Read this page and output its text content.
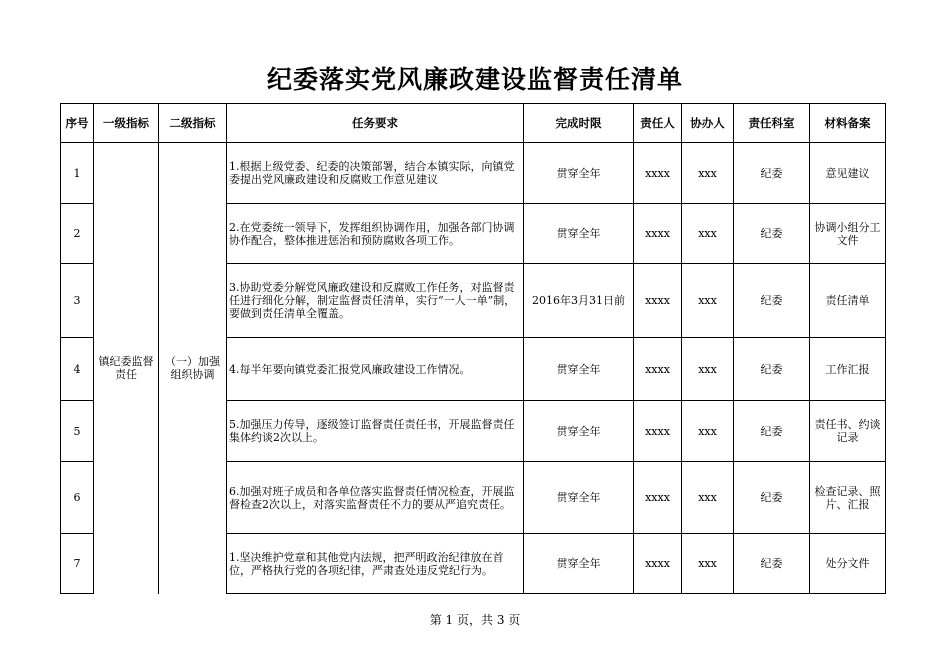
纪委落实党风廉政建设监督责任清单
序号	一级指标	二级指标	任务要求	完成时限	责任人	协办人	责任科室	材料备案
1	镇纪委监督责任	（一）加强组织协调	1.根据上级党委、纪委的决策部署，结合本镇实际，向镇党委提出党风廉政建设和反腐败工作意见建议	贯穿全年	xxxx	xxx	纪委	意见建议
2			2.在党委统一领导下，发挥组织协调作用，加强各部门协调协作配合，整体推进惩治和预防腐败各项工作。	贯穿全年	xxxx	xxx	纪委	协调小组分工文件
3			3.协助党委分解党风廉政建设和反腐败工作任务，对监督责任进行细化分解，制定监督责任清单，实行“一人一单”制，要做到责任清单全覆盖。	2016年3月31日前	xxxx	xxx	纪委	责任清单
4			4.每半年要向镇党委汇报党风廉政建设工作情况。	贯穿全年	xxxx	xxx	纪委	工作汇报
5			5.加强压力传导，逐级签订监督责任责任书，开展监督责任集体约谈2次以上。	贯穿全年	xxxx	xxx	纪委	责任书、约谈记录
6			6.加强对班子成员和各单位落实监督责任情况检查，开展监督检查2次以上，对落实监督责任不力的要从严追究责任。	贯穿全年	xxxx	xxx	纪委	检查记录、照片、汇报
7			1.坚决维护党章和其他党内法规，把严明政治纪律放在首位，严格执行党的各项纪律，严肃查处违反党纪行为。	贯穿全年	xxxx	xxx	纪委	处分文件
第 1 页，共 3 页
